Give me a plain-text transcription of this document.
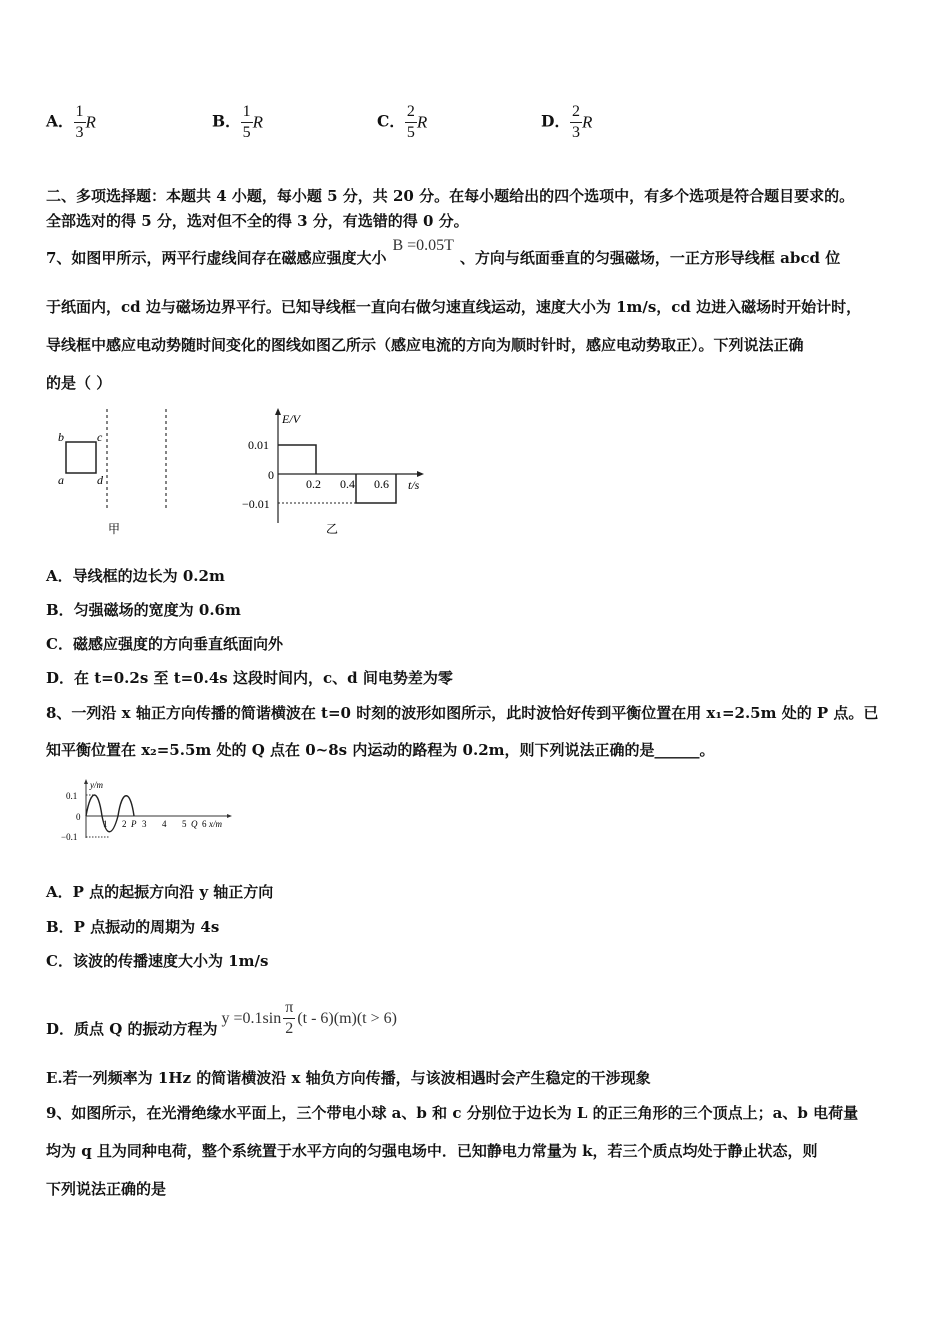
A． $\frac{1}{3}$ R	B． $\frac{1}{5}$ R	C． $\frac{2}{5}$ R	D． $\frac{2}{3}$ R
二、多项选择题：本题共 4 小题，每小题 5 分，共 20 分。在每小题给出的四个选项中，有多个选项是符合题目要求的。
全部选对的得 5 分，选对但不全的得 3 分，有选错的得 0 分。
7、如图甲所示，两平行虚线间存在磁感应强度大小B =0.05T、方向与纸面垂直的匀强磁场，一正方形导线框 abcd 位
于纸面内，cd 边与磁场边界平行。已知导线框一直向右做匀速直线运动，速度大小为 1m/s，cd 边进入磁场时开始计时，
导线框中感应电动势随时间变化的图线如图乙所示（感应电流的方向为顺时针时，感应电动势取正）。下列说法正确
的是（ ）
b	c
a	d
甲
E/V
t/s
0.01
0
−0.01
0.2 0.4 0.6
乙
A．导线框的边长为 0.2m
B．匀强磁场的宽度为 0.6m
C．磁感应强度的方向垂直纸面向外
D．在 t=0.2s 至 t=0.4s 这段时间内，c、d 间电势差为零
8、一列沿 x 轴正方向传播的简谐横波在 t=0 时刻的波形如图所示，此时波恰好传到平衡位置在用 x₁=2.5m 处的 P 点。已
知平衡位置在 x₂=5.5m 处的 Q 点在 0~8s 内运动的路程为 0.2m，则下列说法正确的是______。
y/m
0.1
0
−0.1
1 2 P 3 4 5 Q 6 x/m
A．P 点的起振方向沿 y 轴正方向
B．P 点振动的周期为 4s
C．该波的传播速度大小为 1m/s
D．质点 Q 的振动方程为
$y =0.1\sin \frac{\pi}{2} (t - 6)(m)(t > 6)$
E.若一列频率为 1Hz 的简谐横波沿 x 轴负方向传播，与该波相遇时会产生稳定的干涉现象
9、如图所示，在光滑绝缘水平面上，三个带电小球 a、b 和 c 分别位于边长为 L 的正三角形的三个顶点上；a、b 电荷量
均为 q 且为同种电荷，整个系统置于水平方向的匀强电场中．已知静电力常量为 k，若三个质点均处于静止状态，则
下列说法正确的是
